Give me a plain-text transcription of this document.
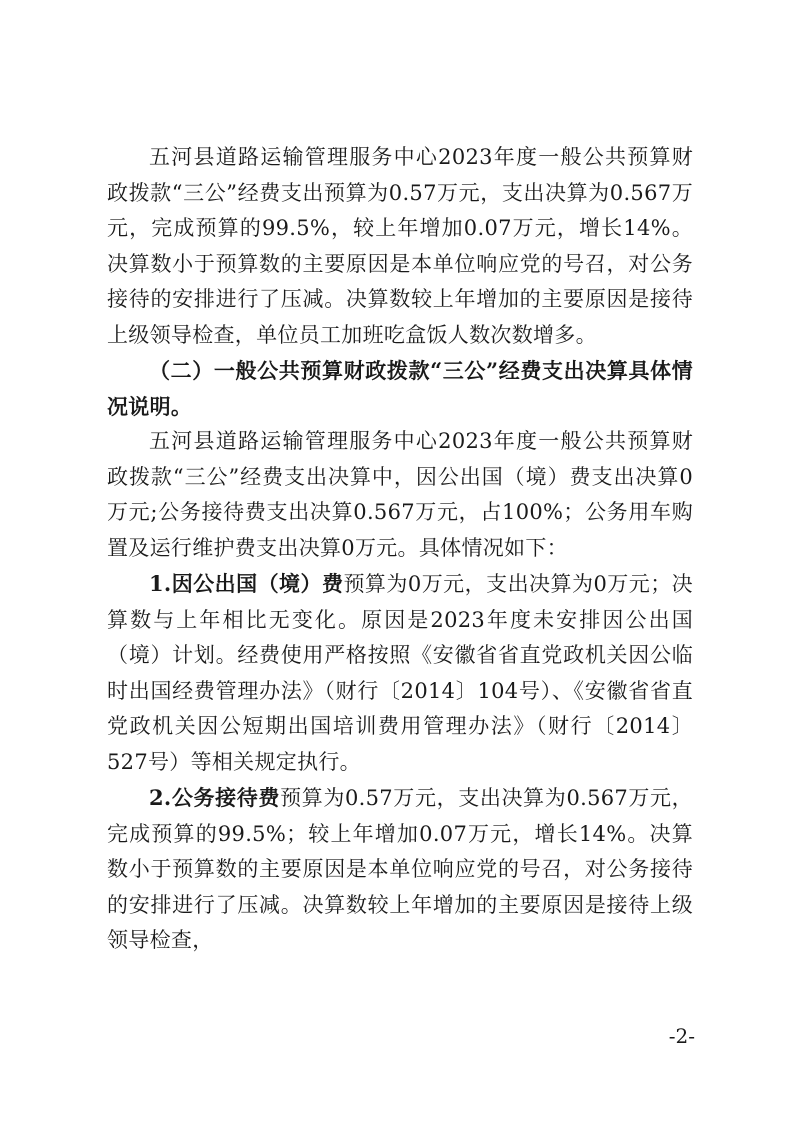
五河县道路运输管理服务中心2023年度一般公共预算财政拨款“三公”经费支出预算为0.57万元，支出决算为0.567万元，完成预算的99.5%，较上年增加0.07万元，增长14%。决算数小于预算数的主要原因是本单位响应党的号召，对公务接待的安排进行了压减。决算数较上年增加的主要原因是接待上级领导检查，单位员工加班吃盒饭人数次数增多。

（二）一般公共预算财政拨款“三公”经费支出决算具体情况说明。

五河县道路运输管理服务中心2023年度一般公共预算财政拨款“三公”经费支出决算中，因公出国（境）费支出决算0万元;公务接待费支出决算0.567万元，占100%；公务用车购置及运行维护费支出决算0万元。具体情况如下：

1.因公出国（境）费预算为0万元，支出决算为0万元；决算数与上年相比无变化。原因是2023年度未安排因公出国（境）计划。经费使用严格按照《安徽省省直党政机关因公临时出国经费管理办法》（财行〔2014〕104号）、《安徽省省直党政机关因公短期出国培训费用管理办法》（财行〔2014〕527号）等相关规定执行。

2.公务接待费预算为0.57万元，支出决算为0.567万元，完成预算的99.5%；较上年增加0.07万元，增长14%。决算数小于预算数的主要原因是本单位响应党的号召，对公务接待的安排进行了压减。决算数较上年增加的主要原因是接待上级领导检查，

-2-
